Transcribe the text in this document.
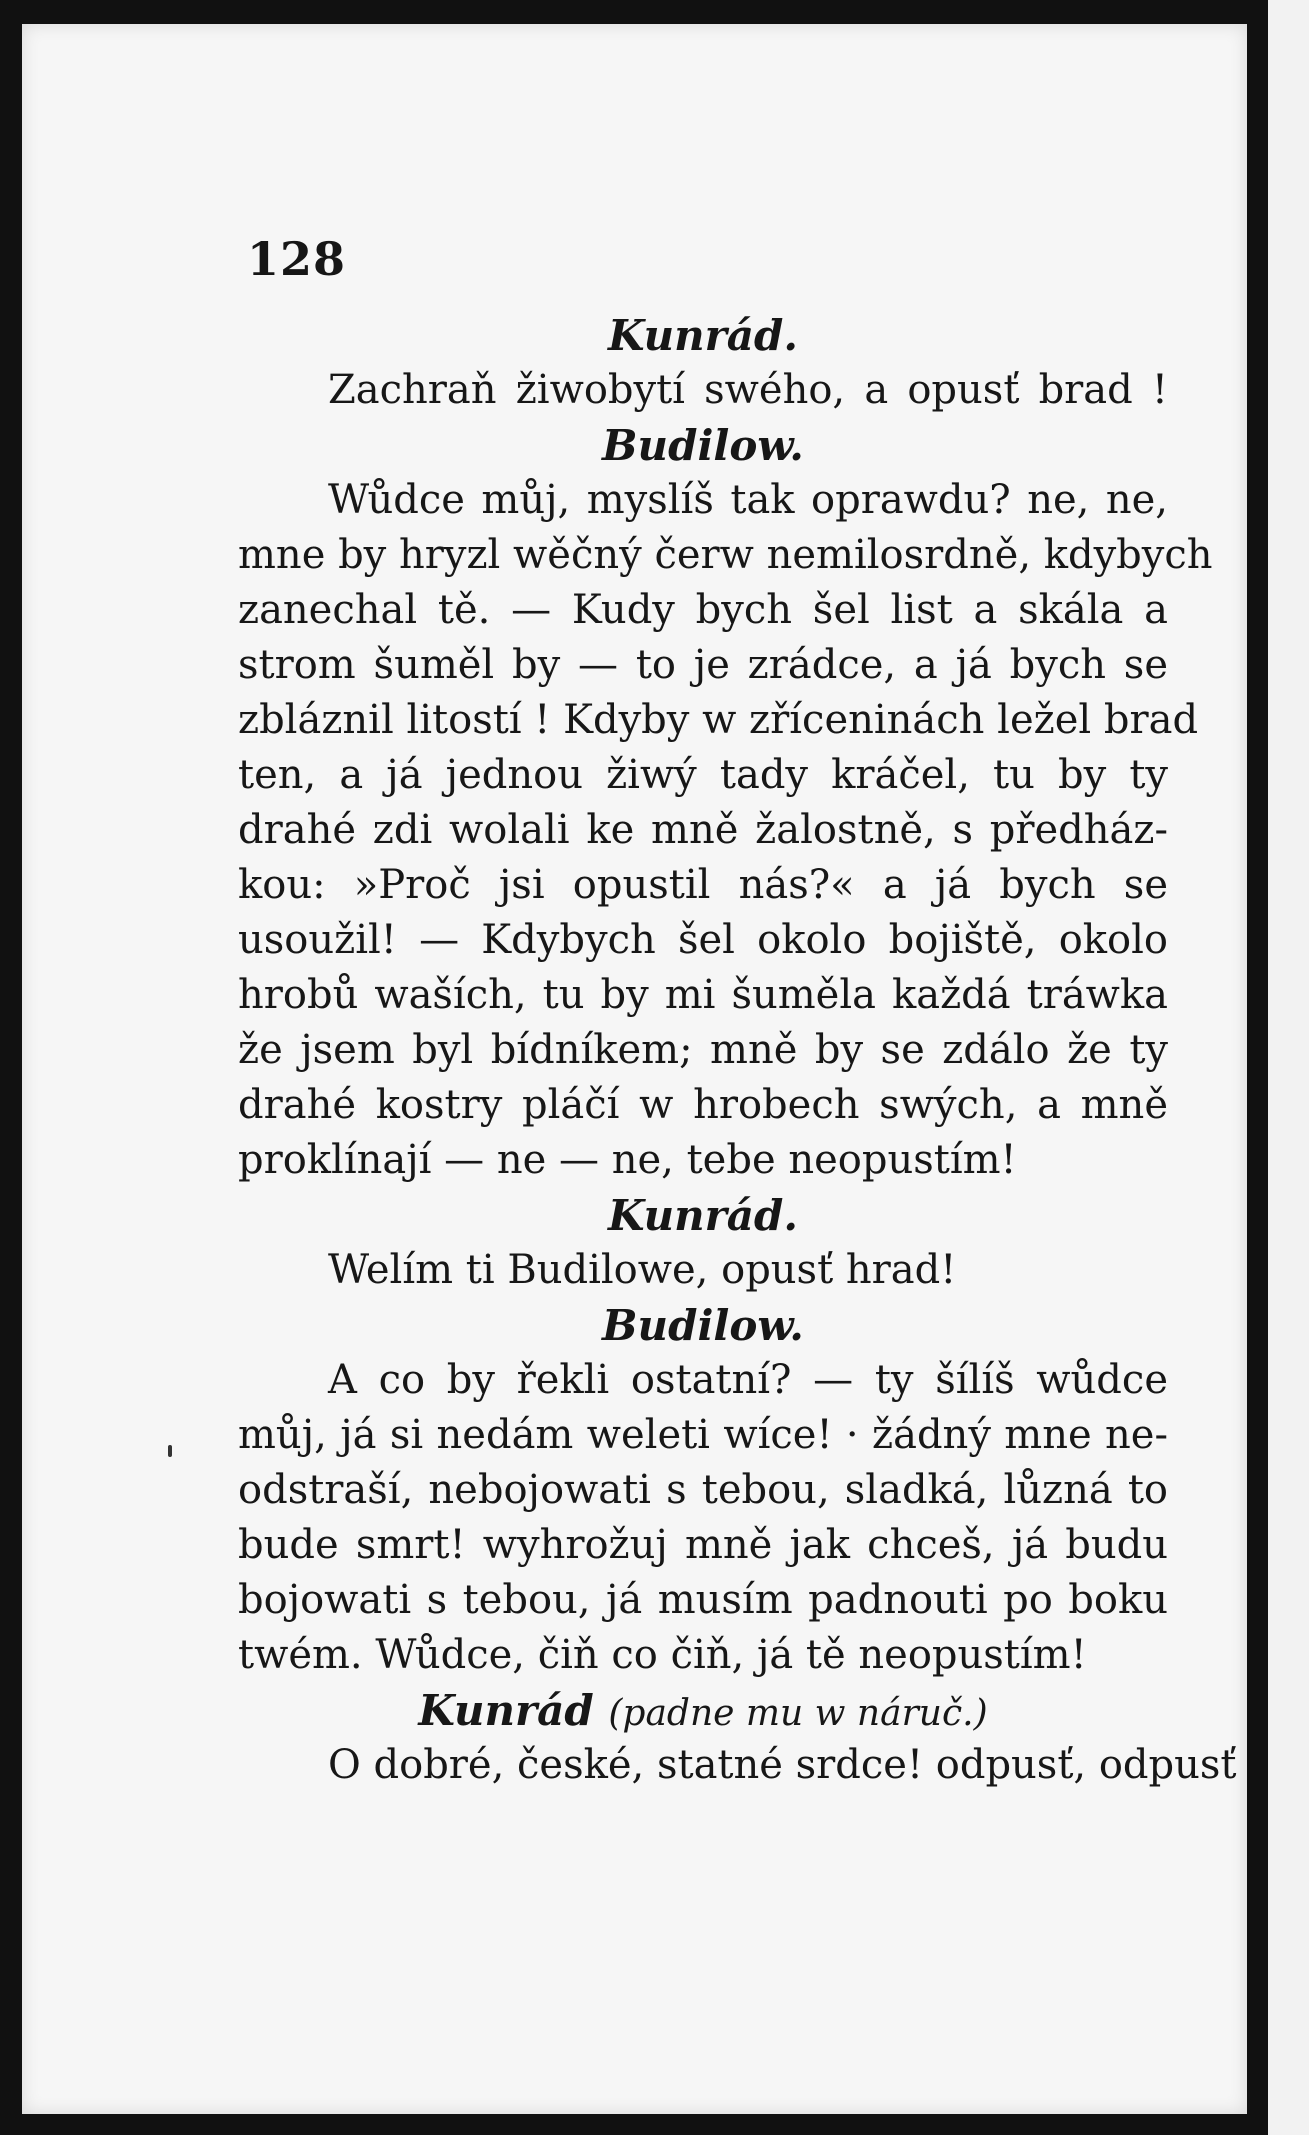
128
Kunrád.
Zachraň žiwobytí swého, a opusť brad !
Budilow.
Wůdce můj, myslíš tak oprawdu? ne, ne,
mne by hryzl wěčný čerw nemilosrdně, kdybych
zanechal tě. — Kudy bych šel list a skála a
strom šuměl by — to je zrádce, a já bych se
zbláznil litostí ! Kdyby w zříceninách ležel brad
ten, a já jednou žiwý tady kráčel, tu by ty
drahé zdi wolali ke mně žalostně, s předház-
kou: »Proč jsi opustil nás?« a já bych se
usoužil! — Kdybych šel okolo bojiště, okolo
hrobů waších, tu by mi šuměla každá tráwka
že jsem byl bídníkem; mně by se zdálo že ty
drahé kostry pláčí w hrobech swých, a mně
proklínají — ne — ne, tebe neopustím!
Kunrád.
Welím ti Budilowe, opusť hrad!
Budilow.
A co by řekli ostatní? — ty šílíš wůdce
můj, já si nedám weleti wíce! · žádný mne ne-
odstraší, nebojowati s tebou, sladká, lůzná to
bude smrt! wyhrožuj mně jak chceš, já budu
bojowati s tebou, já musím padnouti po boku
twém. Wůdce, čiň co čiň, já tě neopustím!
Kunrád (padne mu w náruč.)
O dobré, české, statné srdce! odpusť, odpusť
